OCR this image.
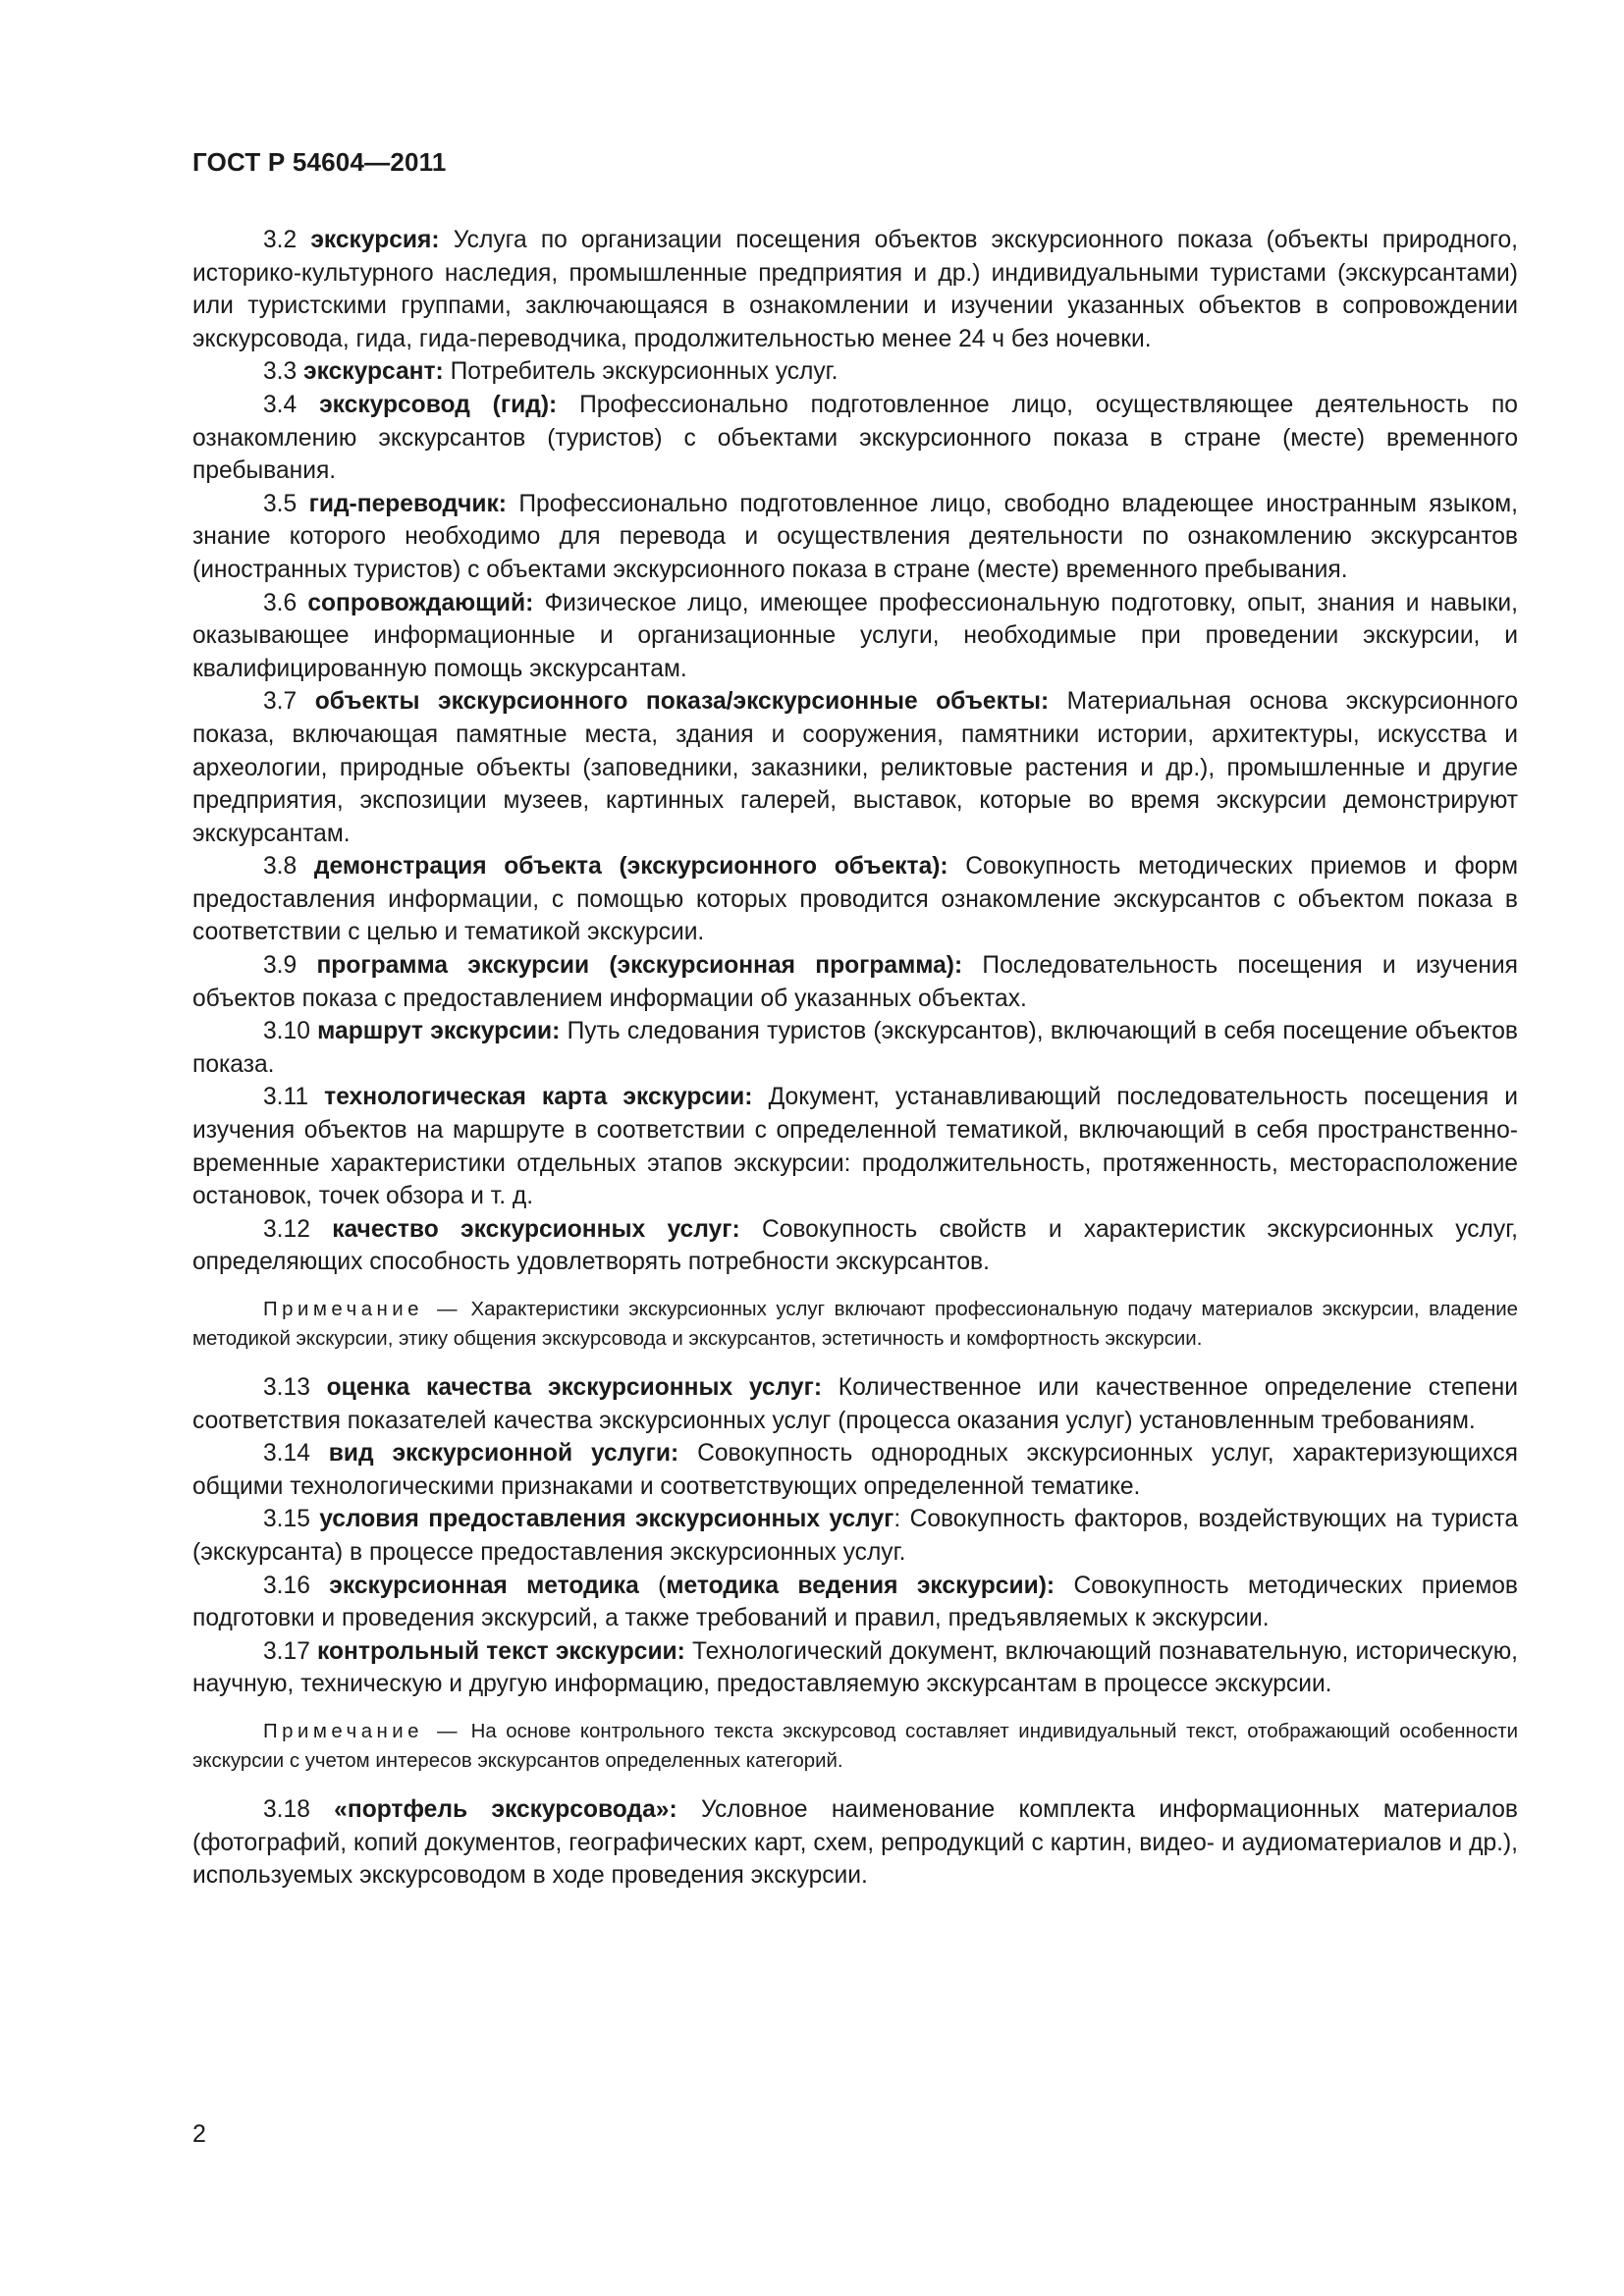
ГОСТ Р 54604—2011

3.2 экскурсия: Услуга по организации посещения объектов экскурсионного показа (объекты природного, историко-культурного наследия, промышленные предприятия и др.) индивидуальными туристами (экскурсантами) или туристскими группами, заключающаяся в ознакомлении и изучении указанных объектов в сопровождении экскурсовода, гида, гида-переводчика, продолжительностью менее 24 ч без ночевки.

3.3 экскурсант: Потребитель экскурсионных услуг.

3.4 экскурсовод (гид): Профессионально подготовленное лицо, осуществляющее деятельность по ознакомлению экскурсантов (туристов) с объектами экскурсионного показа в стране (месте) временного пребывания.

3.5 гид-переводчик: Профессионально подготовленное лицо, свободно владеющее иностранным языком, знание которого необходимо для перевода и осуществления деятельности по ознакомлению экскурсантов (иностранных туристов) с объектами экскурсионного показа в стране (месте) временного пребывания.

3.6 сопровождающий: Физическое лицо, имеющее профессиональную подготовку, опыт, знания и навыки, оказывающее информационные и организационные услуги, необходимые при проведении экскурсии, и квалифицированную помощь экскурсантам.

3.7 объекты экскурсионного показа/экскурсионные объекты: Материальная основа экскурсионного показа, включающая памятные места, здания и сооружения, памятники истории, архитектуры, искусства и археологии, природные объекты (заповедники, заказники, реликтовые растения и др.), промышленные и другие предприятия, экспозиции музеев, картинных галерей, выставок, которые во время экскурсии демонстрируют экскурсантам.

3.8 демонстрация объекта (экскурсионного объекта): Совокупность методических приемов и форм предоставления информации, с помощью которых проводится ознакомление экскурсантов с объектом показа в соответствии с целью и тематикой экскурсии.

3.9 программа экскурсии (экскурсионная программа): Последовательность посещения и изучения объектов показа с предоставлением информации об указанных объектах.

3.10 маршрут экскурсии: Путь следования туристов (экскурсантов), включающий в себя посещение объектов показа.

3.11 технологическая карта экскурсии: Документ, устанавливающий последовательность посещения и изучения объектов на маршруте в соответствии с определенной тематикой, включающий в себя пространственно-временные характеристики отдельных этапов экскурсии: продолжительность, протяженность, месторасположение остановок, точек обзора и т. д.

3.12 качество экскурсионных услуг: Совокупность свойств и характеристик экскурсионных услуг, определяющих способность удовлетворять потребности экскурсантов.

Примечание — Характеристики экскурсионных услуг включают профессиональную подачу материалов экскурсии, владение методикой экскурсии, этику общения экскурсовода и экскурсантов, эстетичность и комфортность экскурсии.

3.13 оценка качества экскурсионных услуг: Количественное или качественное определение степени соответствия показателей качества экскурсионных услуг (процесса оказания услуг) установленным требованиям.

3.14 вид экскурсионной услуги: Совокупность однородных экскурсионных услуг, характеризующихся общими технологическими признаками и соответствующих определенной тематике.

3.15 условия предоставления экскурсионных услуг: Совокупность факторов, воздействующих на туриста (экскурсанта) в процессе предоставления экскурсионных услуг.

3.16 экскурсионная методика (методика ведения экскурсии): Совокупность методических приемов подготовки и проведения экскурсий, а также требований и правил, предъявляемых к экскурсии.

3.17 контрольный текст экскурсии: Технологический документ, включающий познавательную, историческую, научную, техническую и другую информацию, предоставляемую экскурсантам в процессе экскурсии.

Примечание — На основе контрольного текста экскурсовод составляет индивидуальный текст, отображающий особенности экскурсии с учетом интересов экскурсантов определенных категорий.

3.18 «портфель экскурсовода»: Условное наименование комплекта информационных материалов (фотографий, копий документов, географических карт, схем, репродукций с картин, видео- и аудиоматериалов и др.), используемых экскурсоводом в ходе проведения экскурсии.

2
